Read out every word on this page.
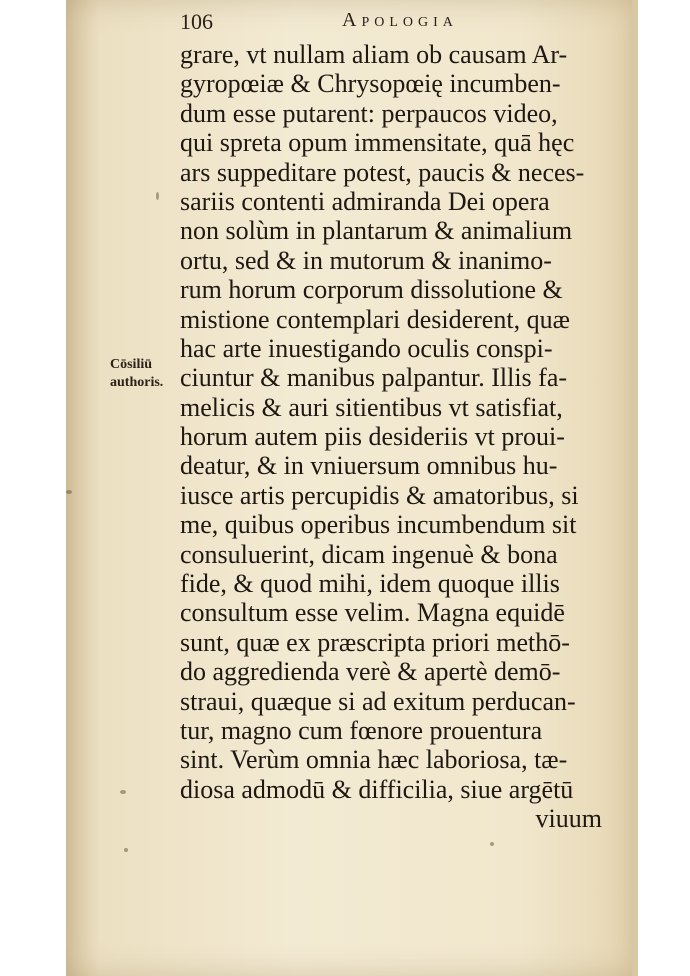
106	Apologia
Cōsiliū
authoris.
grare, vt nullam aliam ob causam Ar-
gyropœiæ & Chrysopœię incumben-
dum esse putarent: perpaucos video,
qui spreta opum immensitate, quā hęc
ars suppeditare potest, paucis & neces-
sariis contenti admiranda Dei opera
non solùm in plantarum & animalium
ortu, sed & in mutorum & inanimo-
rum horum corporum dissolutione &
mistione contemplari desiderent, quæ
hac arte inuestigando oculis conspi-
ciuntur & manibus palpantur. Illis fa-
melicis & auri sitientibus vt satisfiat,
horum autem piis desideriis vt proui-
deatur, & in vniuersum omnibus hu-
iusce artis percupidis & amatoribus, si
me, quibus operibus incumbendum sit
consuluerint, dicam ingenuè & bona
fide, & quod mihi, idem quoque illis
consultum esse velim. Magna equidē
sunt, quæ ex præscripta priori methō-
do aggredienda verè & apertè demō-
straui, quæque si ad exitum perducan-
tur, magno cum fœnore prouentura
sint. Verùm omnia hæc laboriosa, tæ-
diosa admodū & difficilia, siue argētū
viuum
